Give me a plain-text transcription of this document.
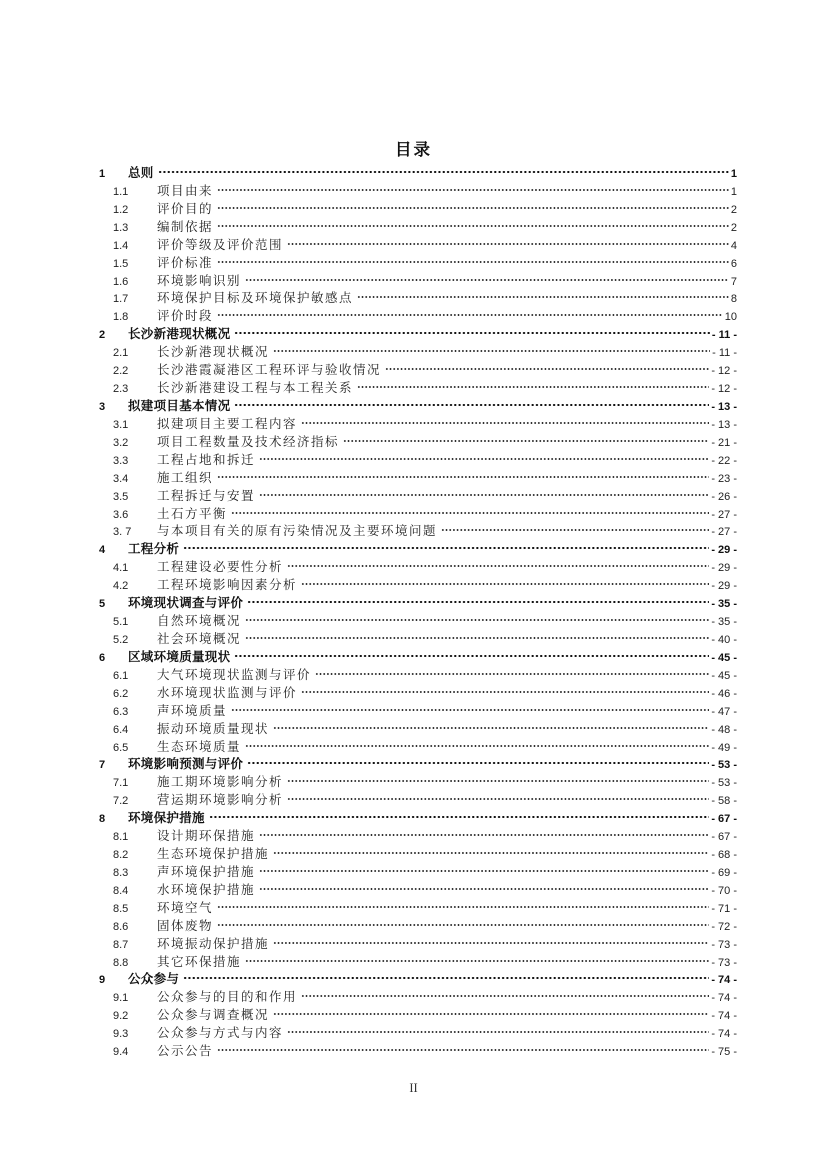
目录
1	总则	1
1.1	项目由来	1
1.2	评价目的	2
1.3	编制依据	2
1.4	评价等级及评价范围	4
1.5	评价标准	6
1.6	环境影响识别	7
1.7	环境保护目标及环境保护敏感点	8
1.8	评价时段	10
2	长沙新港现状概况	- 11 -
2.1	长沙新港现状概况	- 11 -
2.2	长沙港霞凝港区工程环评与验收情况	- 12 -
2.3	长沙新港建设工程与本工程关系	- 12 -
3	拟建项目基本情况	- 13 -
3.1	拟建项目主要工程内容	- 13 -
3.2	项目工程数量及技术经济指标	- 21 -
3.3	工程占地和拆迁	- 22 -
3.4	施工组织	- 23 -
3.5	工程拆迁与安置	- 26 -
3.6	土石方平衡	- 27 -
3. 7	与本项目有关的原有污染情况及主要环境问题	- 27 -
4	工程分析	- 29 -
4.1	工程建设必要性分析	- 29 -
4.2	工程环境影响因素分析	- 29 -
5	环境现状调查与评价	- 35 -
5.1	自然环境概况	- 35 -
5.2	社会环境概况	- 40 -
6	区域环境质量现状	- 45 -
6.1	大气环境现状监测与评价	- 45 -
6.2	水环境现状监测与评价	- 46 -
6.3	声环境质量	- 47 -
6.4	振动环境质量现状	- 48 -
6.5	生态环境质量	- 49 -
7	环境影响预测与评价	- 53 -
7.1	施工期环境影响分析	- 53 -
7.2	营运期环境影响分析	- 58 -
8	环境保护措施	- 67 -
8.1	设计期环保措施	- 67 -
8.2	生态环境保护措施	- 68 -
8.3	声环境保护措施	- 69 -
8.4	水环境保护措施	- 70 -
8.5	环境空气	- 71 -
8.6	固体废物	- 72 -
8.7	环境振动保护措施	- 73 -
8.8	其它环保措施	- 73 -
9	公众参与	- 74 -
9.1	公众参与的目的和作用	- 74 -
9.2	公众参与调查概况	- 74 -
9.3	公众参与方式与内容	- 74 -
9.4	公示公告	- 75 -
II
